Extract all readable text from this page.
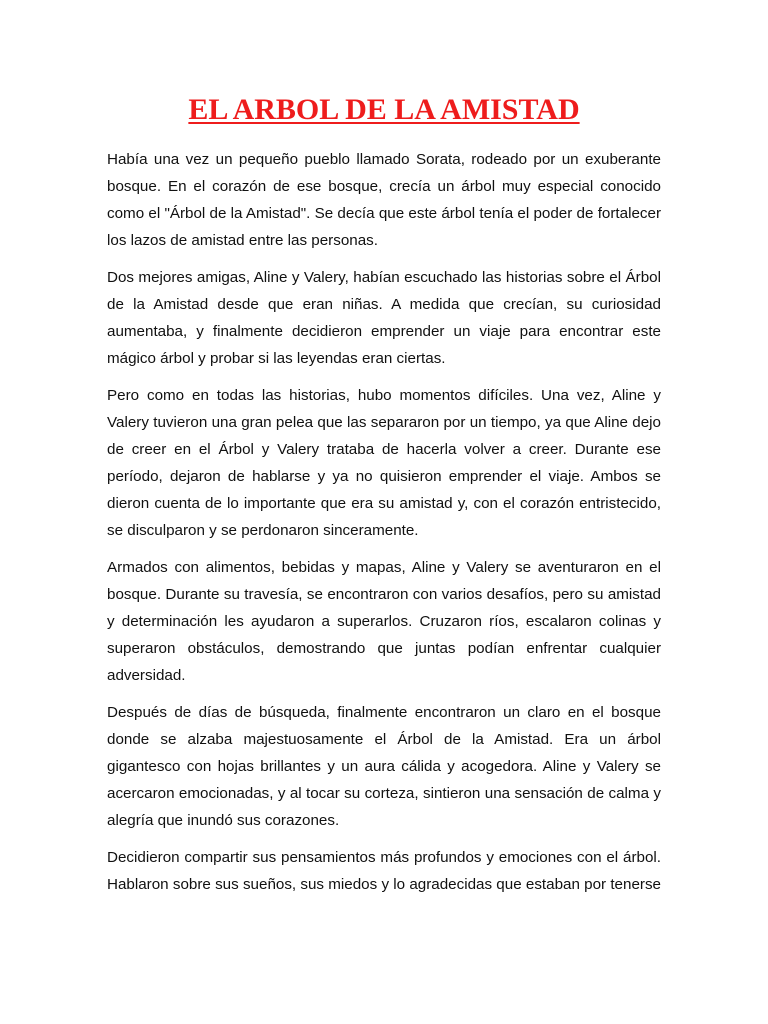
EL ARBOL DE LA AMISTAD

Había una vez un pequeño pueblo llamado Sorata, rodeado por un exuberante bosque. En el corazón de ese bosque, crecía un árbol muy especial conocido como el "Árbol de la Amistad". Se decía que este árbol tenía el poder de fortalecer los lazos de amistad entre las personas.

Dos mejores amigas, Aline y Valery, habían escuchado las historias sobre el Árbol de la Amistad desde que eran niñas. A medida que crecían, su curiosidad aumentaba, y finalmente decidieron emprender un viaje para encontrar este mágico árbol y probar si las leyendas eran ciertas.

Pero como en todas las historias, hubo momentos difíciles. Una vez, Aline y Valery tuvieron una gran pelea que las separaron por un tiempo, ya que Aline dejo de creer en el Árbol y Valery trataba de hacerla volver a creer. Durante ese período, dejaron de hablarse y ya no quisieron emprender el viaje. Ambos se dieron cuenta de lo importante que era su amistad y, con el corazón entristecido, se disculparon y se perdonaron sinceramente.

Armados con alimentos, bebidas y mapas, Aline y Valery se aventuraron en el bosque. Durante su travesía, se encontraron con varios desafíos, pero su amistad y determinación les ayudaron a superarlos. Cruzaron ríos, escalaron colinas y superaron obstáculos, demostrando que juntas podían enfrentar cualquier adversidad.

Después de días de búsqueda, finalmente encontraron un claro en el bosque donde se alzaba majestuosamente el Árbol de la Amistad. Era un árbol gigantesco con hojas brillantes y un aura cálida y acogedora. Aline y Valery se acercaron emocionadas, y al tocar su corteza, sintieron una sensación de calma y alegría que inundó sus corazones.

Decidieron compartir sus pensamientos más profundos y emociones con el árbol. Hablaron sobre sus sueños, sus miedos y lo agradecidas que estaban por tenerse
